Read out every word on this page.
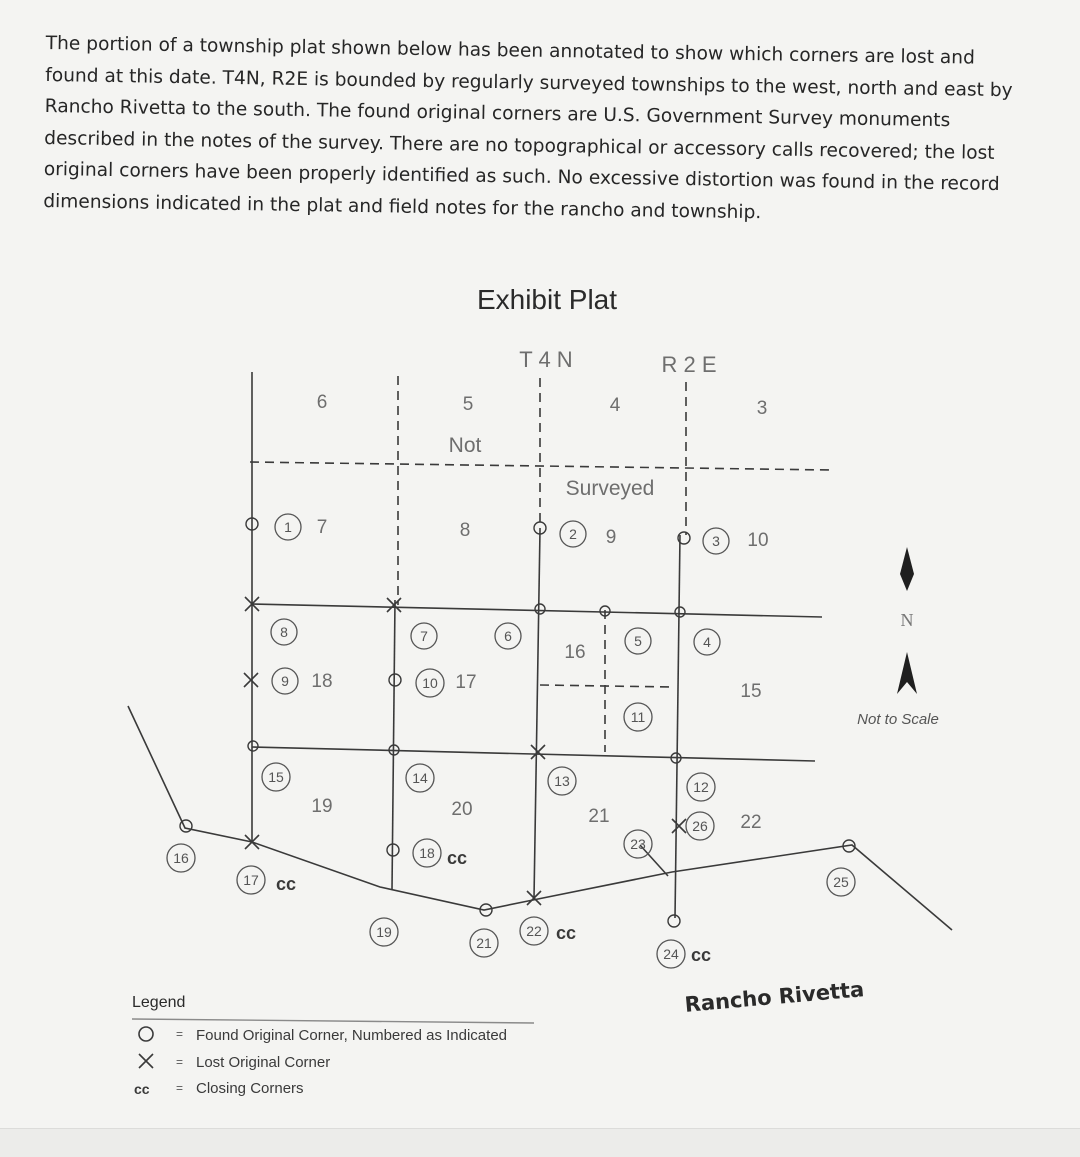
The portion of a township plat shown below has been annotated to show which corners are lost and
found at this date. T4N, R2E is bounded by regularly surveyed townships to the west, north and east by
Rancho Rivetta to the south. The found original corners are U.S. Government Survey monuments
described in the notes of the survey. There are no topographical or accessory calls recovered; the lost
original corners have been properly identified as such. No excessive distortion was found in the record
dimensions indicated in the plat and field notes for the rancho and township.
Exhibit Plat
T 4 N	R 2 E
Not
Surveyed
6	5	4	3
7	8	9	10
18	17
16
15
19	20	21	22
1	2	3
4
5
6
7
8
9	10
11
12
13
14
15
16
17
18
19
21
22
23
24
25
26
cc
cc
cc
cc
N
Not to Scale
Rancho Rivetta
Legend
cc
=
=
=
Found Original Corner, Numbered as Indicated
Lost Original Corner
Closing Corners
